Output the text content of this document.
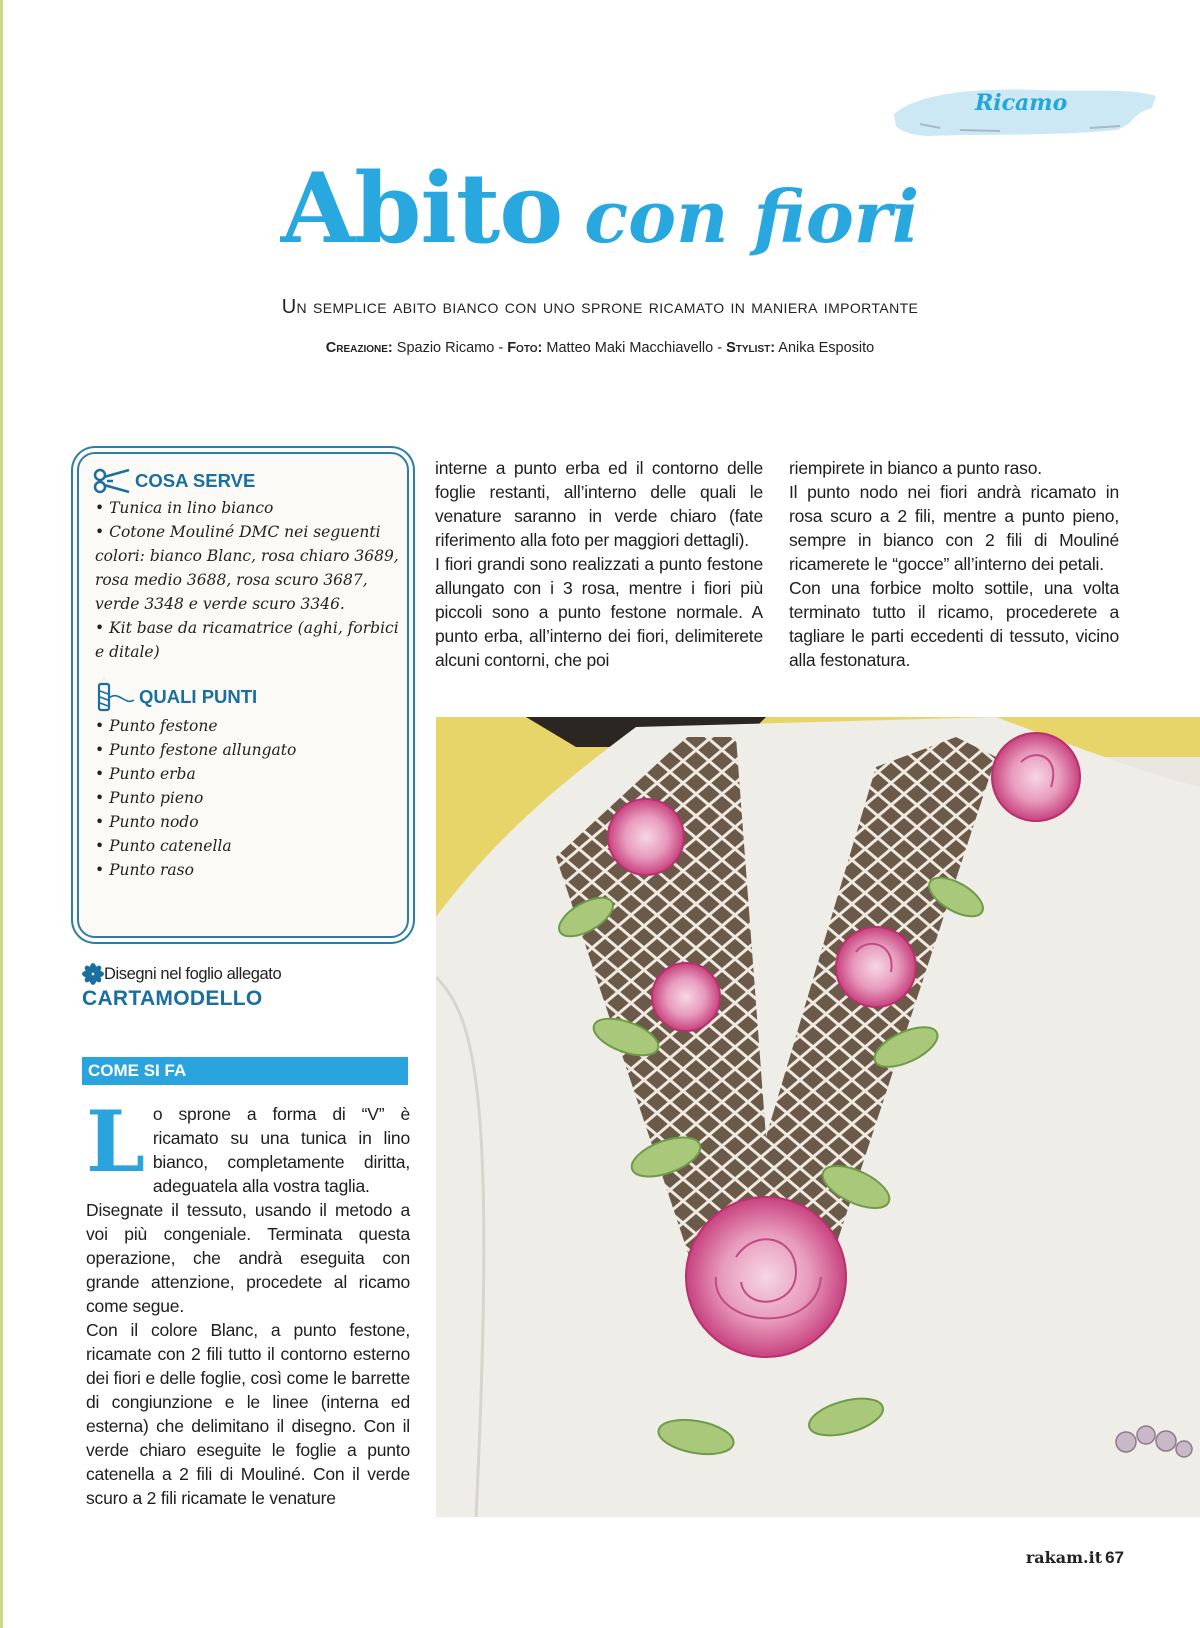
Ricamo
Abito con fiori
Un semplice abito bianco con uno sprone ricamato in maniera importante
Creazione: Spazio Ricamo - Foto: Matteo Maki Macchiavello - Stylist: Anika Esposito
COSA SERVE
• Tunica in lino bianco
• Cotone Mouliné DMC nei seguenti colori: bianco Blanc, rosa chiaro 3689, rosa medio 3688, rosa scuro 3687, verde 3348 e verde scuro 3346.
• Kit base da ricamatrice (aghi, forbici e ditale)
QUALI PUNTI
• Punto festone
• Punto festone allungato
• Punto erba
• Punto pieno
• Punto nodo
• Punto catenella
• Punto raso
Disegni nel foglio allegato
CARTAMODELLO
COME SI FA

Lo sprone a forma di “V” è ricamato su una tunica in lino bianco, completamente diritta, adeguatela alla vostra taglia.

Disegnate il tessuto, usando il metodo a voi più congeniale. Terminata questa operazione, che andrà eseguita con grande attenzione, procedete al ricamo come segue.

Con il colore Blanc, a punto festone, ricamate con 2 fili tutto il contorno esterno dei fiori e delle foglie, così come le barrette di congiunzione e le linee (interna ed esterna) che delimitano il disegno. Con il verde chiaro eseguite le foglie a punto catenella a 2 fili di Mouliné. Con il verde scuro a 2 fili ricamate le venature

interne a punto erba ed il contorno delle foglie restanti, all’interno delle quali le venature saranno in verde chiaro (fate riferimento alla foto per maggiori dettagli).

I fiori grandi sono realizzati a punto festone allungato con i 3 rosa, mentre i fiori più piccoli sono a punto festone normale. A punto erba, all’interno dei fiori, delimiterete alcuni contorni, che poi

riempirete in bianco a punto raso.

Il punto nodo nei fiori andrà ricamato in rosa scuro a 2 fili, mentre a punto pieno, sempre in bianco con 2 fili di Mouliné ricamerete le “gocce” all’interno dei petali.

Con una forbice molto sottile, una volta terminato tutto il ricamo, procederete a tagliare le parti eccedenti di tessuto, vicino alla festonatura.

rakam.it 67
